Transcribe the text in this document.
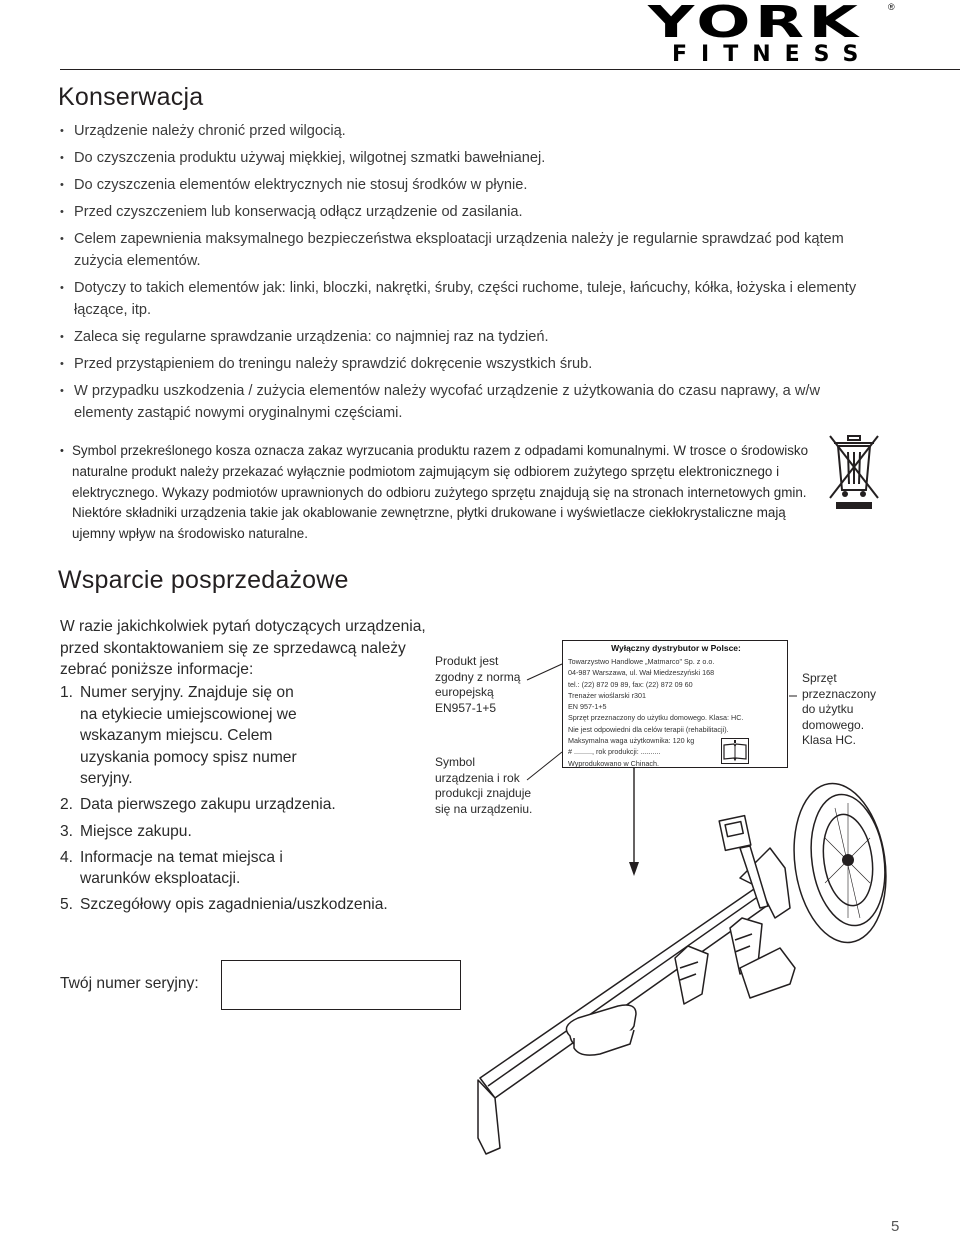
YORK	®
FITNESS
Konserwacja
• Urządzenie należy chronić przed wilgocią.
• Do czyszczenia produktu używaj miękkiej, wilgotnej szmatki bawełnianej.
• Do czyszczenia elementów elektrycznych nie stosuj środków w płynie.
• Przed czyszczeniem lub konserwacją odłącz urządzenie od zasilania.
• Celem zapewnienia maksymalnego bezpieczeństwa eksploatacji urządzenia należy je regularnie sprawdzać pod kątem zużycia elementów.
• Dotyczy to takich elementów jak: linki, bloczki, nakrętki, śruby, części ruchome, tuleje, łańcuchy, kółka, łożyska i elementy łączące, itp.
• Zaleca się regularne sprawdzanie urządzenia: co najmniej raz na tydzień.
• Przed przystąpieniem do treningu należy sprawdzić dokręcenie wszystkich śrub.
• W przypadku uszkodzenia / zużycia elementów należy wycofać urządzenie z użytkowania do czasu naprawy, a w/w elementy zastąpić nowymi oryginalnymi częściami.
• Symbol przekreślonego kosza oznacza zakaz wyrzucania produktu razem z odpadami komunalnymi. W trosce o środowisko naturalne produkt należy przekazać wyłącznie podmiotom zajmującym się odbiorem zużytego sprzętu elektronicznego i elektrycznego. Wykazy podmiotów uprawnionych do odbioru zużytego sprzętu znajdują się na stronach internetowych gmin. Niektóre składniki urządzenia takie jak okablowanie zewnętrzne, płytki drukowane i wyświetlacze ciekłokrystaliczne mają ujemny wpływ na środowisko naturalne.
Wsparcie posprzedażowe
W razie jakichkolwiek pytań dotyczących urządzenia, przed skontaktowaniem się ze sprzedawcą należy zebrać poniższe informacje:
1. Numer seryjny. Znajduje się on na etykiecie umiejscowionej we wskazanym miejscu. Celem uzyskania pomocy spisz numer seryjny.
2. Data pierwszego zakupu urządzenia.
3. Miejsce zakupu.
4. Informacje na temat miejsca i warunków eksploatacji.
5. Szczegółowy opis zagadnienia/uszkodzenia.
Twój numer seryjny:
Produkt jest zgodny z normą europejską EN957-1+5
Symbol urządzenia i rok produkcji znajduje się na urządzeniu.
Sprzęt przeznaczony do użytku domowego. Klasa HC.
Wyłączny dystrybutor w Polsce:
Towarzystwo Handlowe „Matmarco" Sp. z o.o.
04-987 Warszawa, ul. Wał Miedzeszyński 168
tel.: (22) 872 09 89, fax: (22) 872 09 60
Trenażer wioślarski r301
EN 957-1+5
Sprzęt przeznaczony do użytku domowego. Klasa: HC.
Nie jest odpowiedni dla celów terapii (rehabilitacji).
Maksymalna waga użytkownika: 120 kg
# ........., rok produkcji: ..........
Wyprodukowano w Chinach.
5
